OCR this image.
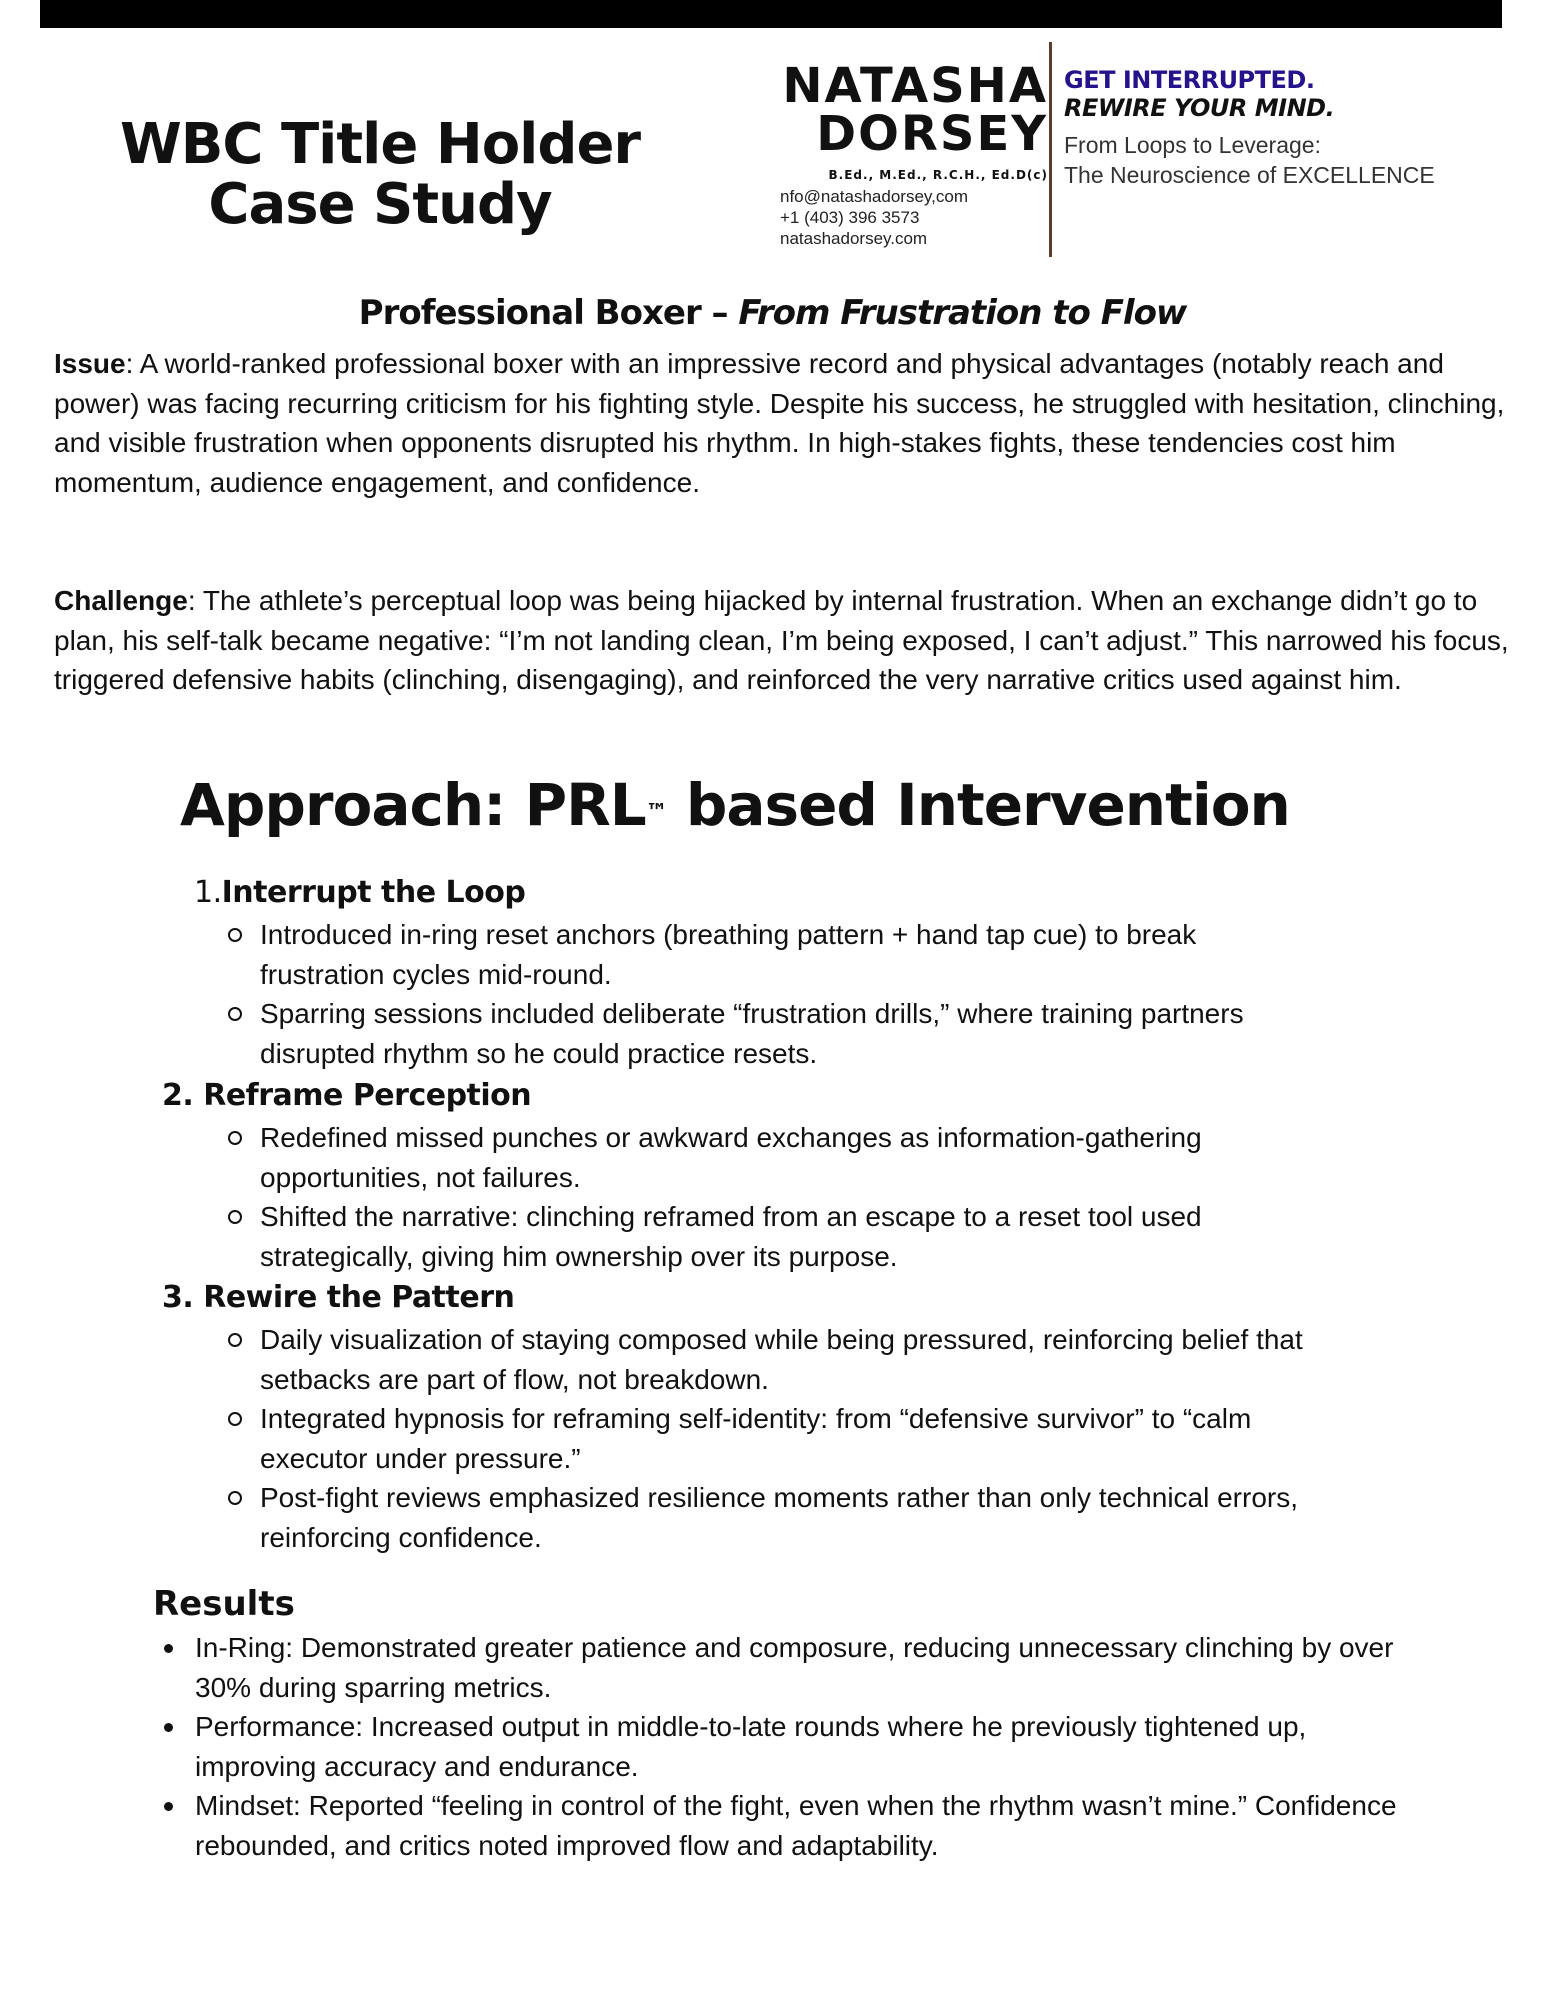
WBC Title Holder
Case Study
NATASHA
DORSEY
B.Ed., M.Ed., R.C.H., Ed.D(c)
nfo@natashadorsey,com
+1 (403) 396 3573
natashadorsey.com
GET INTERRUPTED.
REWIRE YOUR MIND.
From Loops to Leverage:
The Neuroscience of EXCELLENCE
Professional Boxer – From Frustration to Flow

Issue: A world-ranked professional boxer with an impressive record and physical advantages (notably reach and power) was facing recurring criticism for his fighting style. Despite his success, he struggled with hesitation, clinching, and visible frustration when opponents disrupted his rhythm. In high-stakes fights, these tendencies cost him momentum, audience engagement, and confidence.

Challenge: The athlete’s perceptual loop was being hijacked by internal frustration. When an exchange didn’t go to plan, his self-talk became negative: “I’m not landing clean, I’m being exposed, I can’t adjust.” This narrowed his focus, triggered defensive habits (clinching, disengaging), and reinforced the very narrative critics used against him.

Approach: PRL™ based Intervention
1.Interrupt the Loop
Introduced in-ring reset anchors (breathing pattern + hand tap cue) to break frustration cycles mid-round.
Sparring sessions included deliberate “frustration drills,” where training partners disrupted rhythm so he could practice resets.
2. Reframe Perception
Redefined missed punches or awkward exchanges as information-gathering opportunities, not failures.
Shifted the narrative: clinching reframed from an escape to a reset tool used strategically, giving him ownership over its purpose.
3. Rewire the Pattern
Daily visualization of staying composed while being pressured, reinforcing belief that setbacks are part of flow, not breakdown.
Integrated hypnosis for reframing self-identity: from “defensive survivor” to “calm executor under pressure.”
Post-fight reviews emphasized resilience moments rather than only technical errors, reinforcing confidence.
Results
In-Ring: Demonstrated greater patience and composure, reducing unnecessary clinching by over 30% during sparring metrics.
Performance: Increased output in middle-to-late rounds where he previously tightened up, improving accuracy and endurance.
Mindset: Reported “feeling in control of the fight, even when the rhythm wasn’t mine.” Confidence rebounded, and critics noted improved flow and adaptability.
